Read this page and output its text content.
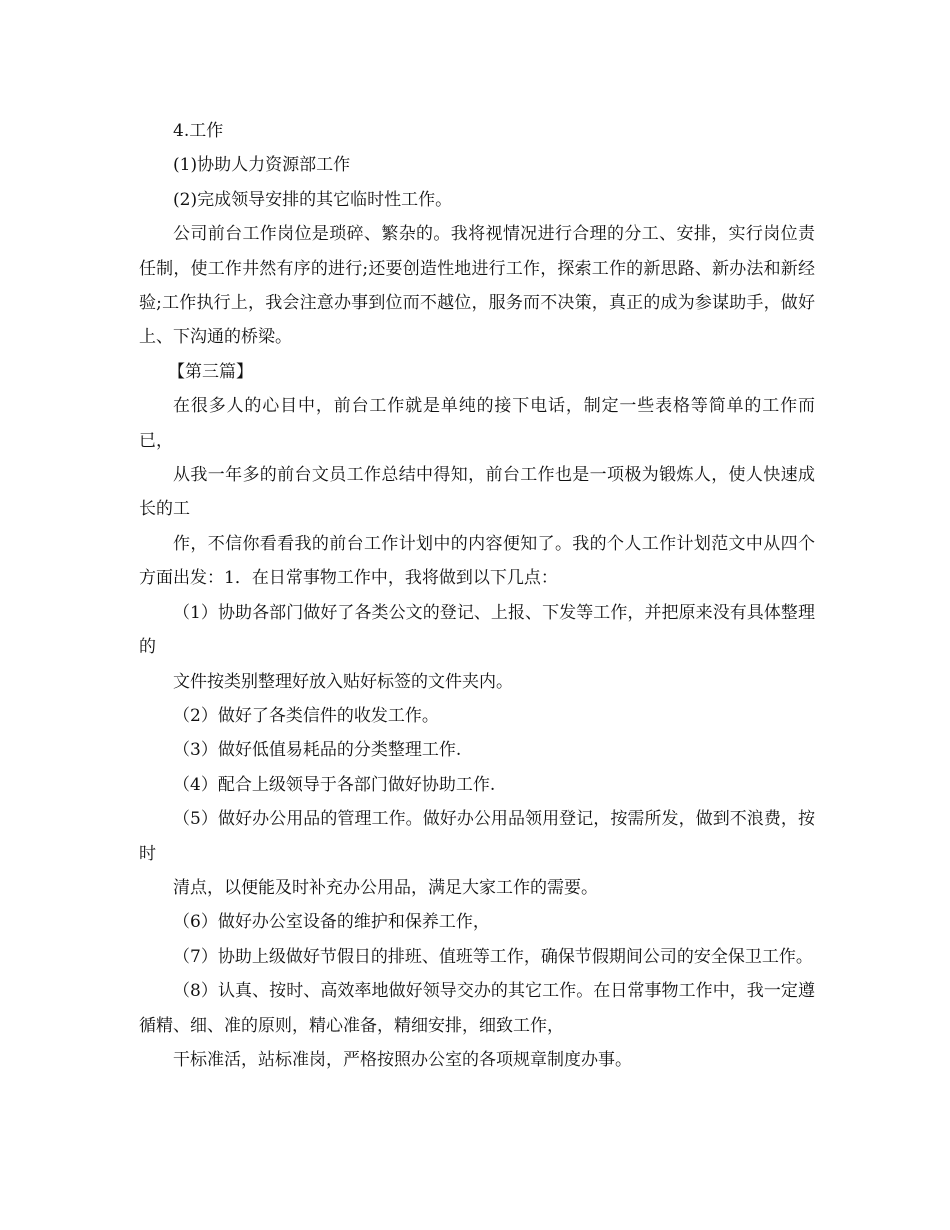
4.工作

(1)协助人力资源部工作

(2)完成领导安排的其它临时性工作。

公司前台工作岗位是琐碎、繁杂的。我将视情况进行合理的分工、安排，实行岗位责任制，使工作井然有序的进行;还要创造性地进行工作，探索工作的新思路、新办法和新经验;工作执行上，我会注意办事到位而不越位，服务而不决策，真正的成为参谋助手，做好上、下沟通的桥梁。

【第三篇】

在很多人的心目中，前台工作就是单纯的接下电话，制定一些表格等简单的工作而已，

从我一年多的前台文员工作总结中得知，前台工作也是一项极为锻炼人，使人快速成长的工

作，不信你看看我的前台工作计划中的内容便知了。我的个人工作计划范文中从四个方面出发：1．在日常事物工作中，我将做到以下几点：

（1）协助各部门做好了各类公文的登记、上报、下发等工作，并把原来没有具体整理的

文件按类别整理好放入贴好标签的文件夹内。

（2）做好了各类信件的收发工作。

（3）做好低值易耗品的分类整理工作.

（4）配合上级领导于各部门做好协助工作.

（5）做好办公用品的管理工作。做好办公用品领用登记，按需所发，做到不浪费，按时

清点，以便能及时补充办公用品，满足大家工作的需要。

（6）做好办公室设备的维护和保养工作，

（7）协助上级做好节假日的排班、值班等工作，确保节假期间公司的安全保卫工作。

（8）认真、按时、高效率地做好领导交办的其它工作。在日常事物工作中，我一定遵循精、细、准的原则，精心准备，精细安排，细致工作，

干标准活，站标准岗，严格按照办公室的各项规章制度办事。
